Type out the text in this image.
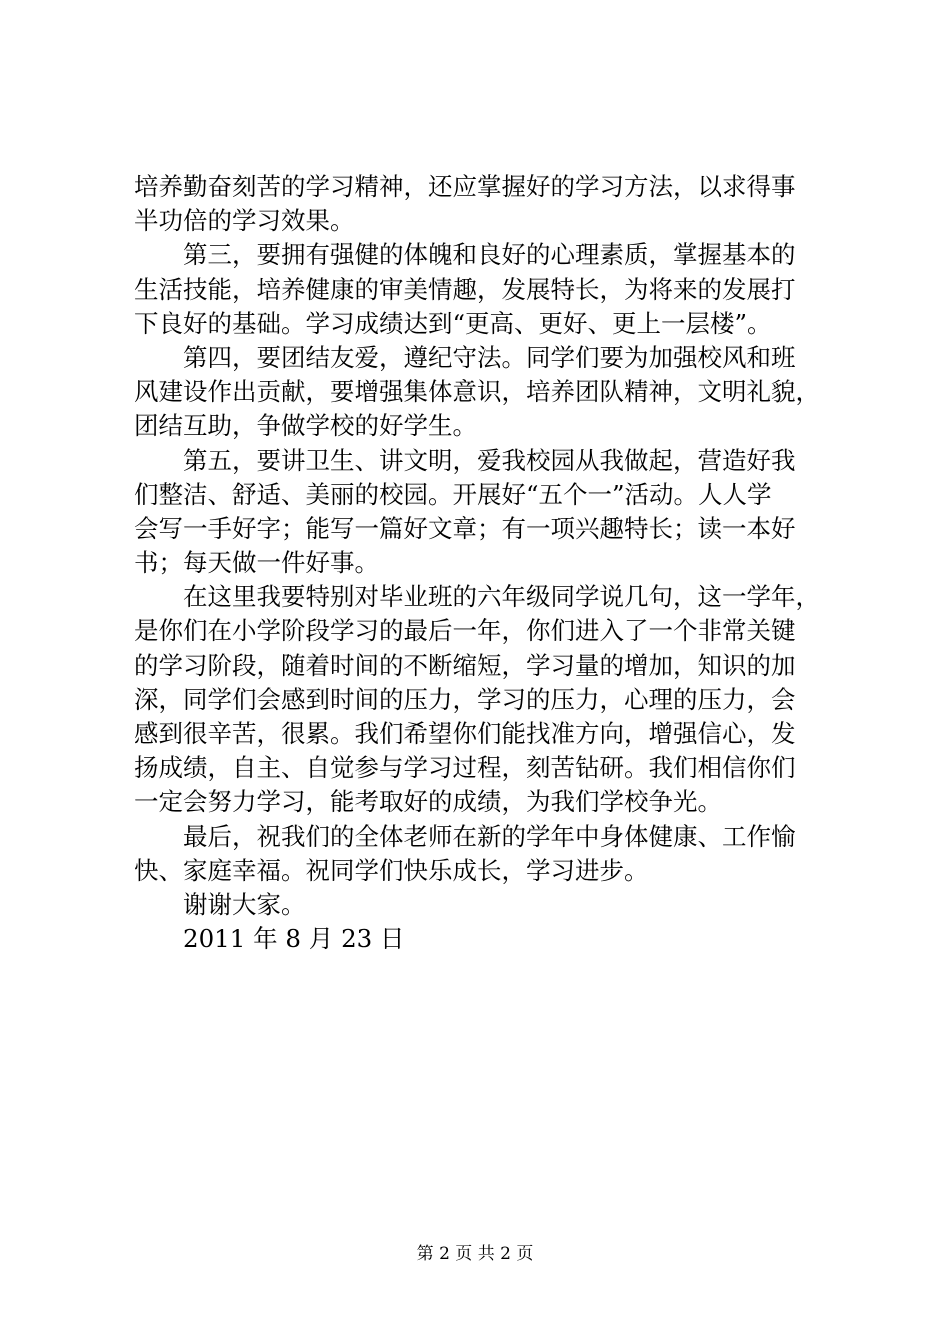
培养勤奋刻苦的学习精神，还应掌握好的学习方法，以求得事
半功倍的学习效果。
第三，要拥有强健的体魄和良好的心理素质，掌握基本的
生活技能，培养健康的审美情趣，发展特长，为将来的发展打
下良好的基础。学习成绩达到“更高、更好、更上一层楼”。
第四，要团结友爱，遵纪守法。同学们要为加强校风和班
风建设作出贡献，要增强集体意识，培养团队精神，文明礼貌，
团结互助，争做学校的好学生。
第五，要讲卫生、讲文明，爱我校园从我做起，营造好我
们整洁、舒适、美丽的校园。开展好“五个一”活动。人人学
会写一手好字；能写一篇好文章；有一项兴趣特长；读一本好
书；每天做一件好事。
在这里我要特别对毕业班的六年级同学说几句，这一学年，
是你们在小学阶段学习的最后一年，你们进入了一个非常关键
的学习阶段，随着时间的不断缩短，学习量的增加，知识的加
深，同学们会感到时间的压力，学习的压力，心理的压力，会
感到很辛苦，很累。我们希望你们能找准方向，增强信心，发
扬成绩，自主、自觉参与学习过程，刻苦钻研。我们相信你们
一定会努力学习，能考取好的成绩，为我们学校争光。
最后，祝我们的全体老师在新的学年中身体健康、工作愉
快、家庭幸福。祝同学们快乐成长，学习进步。
谢谢大家。
2011 年 8 月 23 日
第 2 页 共 2 页
